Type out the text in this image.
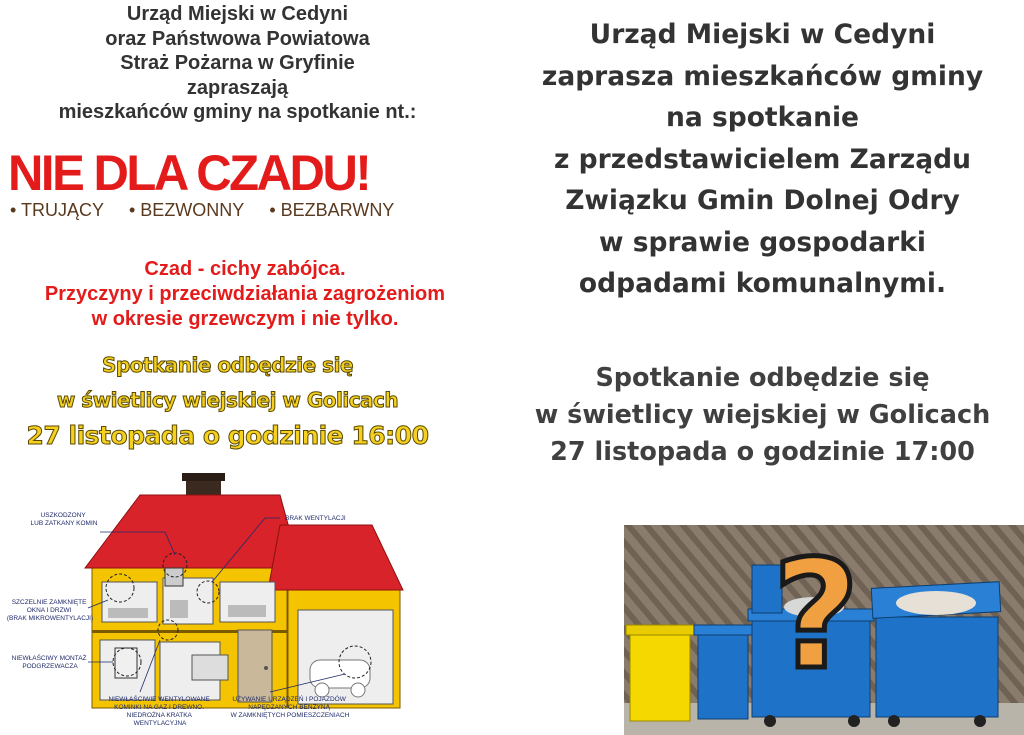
Urząd Miejski w Cedyni
oraz Państwowa Powiatowa
Straż Pożarna w Gryfinie
zapraszają
mieszkańców gminy na spotkanie nt.:
NIE DLA CZADU!
• TRUJĄCY • BEZWONNY • BEZBARWNY
Czad - cichy zabójca.
Przyczyny i przeciwdziałania zagrożeniom
w okresie grzewczym i nie tylko.
Spotkanie odbędzie się
w świetlicy wiejskiej w Golicach
27 listopada o godzinie 16:00
USZKODZONY LUB ZATKANY KOMIN
BRAK WENTYLACJI
SZCZELNIE ZAMKNIĘTE OKNA I DRZWI (BRAK MIKROWENTYLACJI)
NIEWŁAŚCIWY MONTAŻ PODGRZEWACZA
NIEWŁAŚCIWIE WENTYLOWANE KOMINKI NA GAZ I DREWNO. NIEDROŻNA KRATKA WENTYLACYJNA
UŻYWANIE URZĄDZEŃ I POJAZDÓW NAPĘDZANYCH BENZYNĄ W ZAMKNIĘTYCH POMIESZCZENIACH
Urząd Miejski w Cedyni
zaprasza mieszkańców gminy
na spotkanie
z przedstawicielem Zarządu
Związku Gmin Dolnej Odry
w sprawie gospodarki
odpadami komunalnymi.
Spotkanie odbędzie się
w świetlicy wiejskiej w Golicach
27 listopada o godzinie 17:00
?
